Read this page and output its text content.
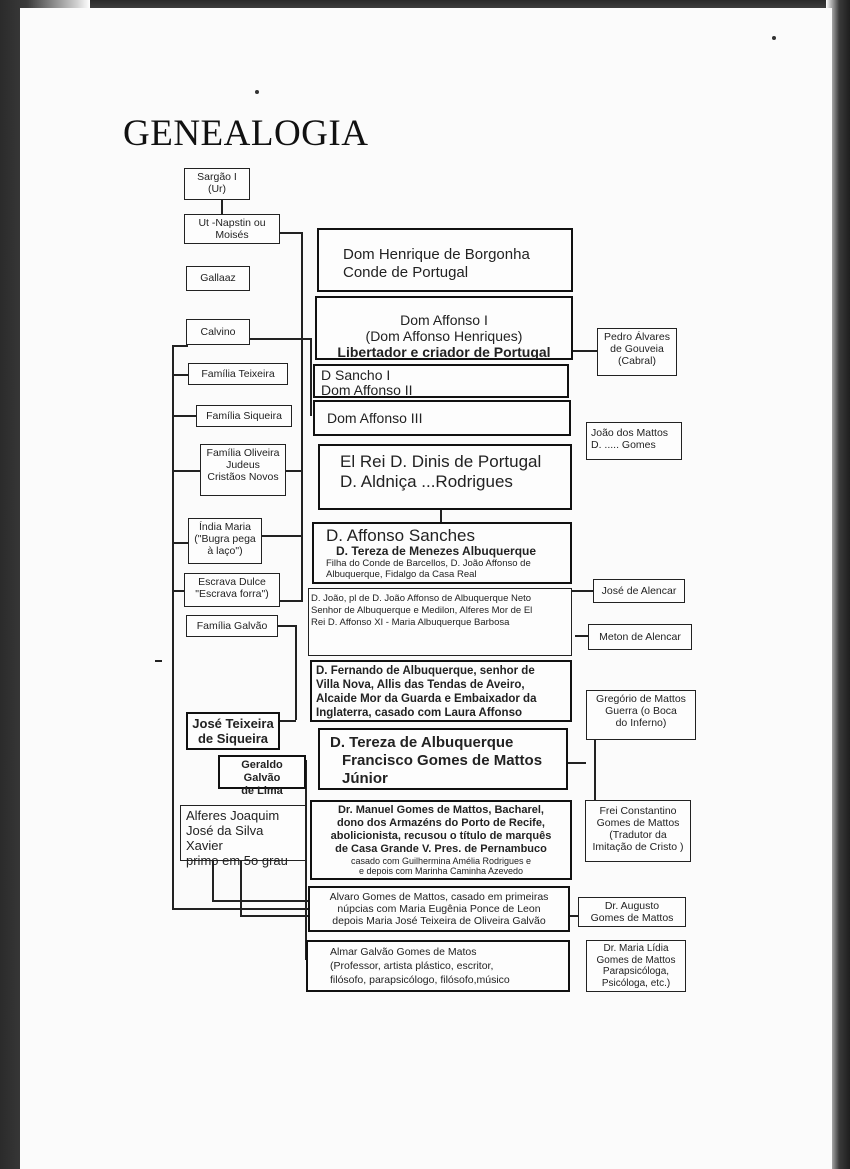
GENEALOGIA
Sargão I
(Ur)
Ut -Napstin ou
Moisés
Gallaaz
Calvino
Família Teixeira
Família Siqueira
Família Oliveira
Judeus
Cristãos Novos
Índia Maria
("Bugra pega
à laço")
Escrava Dulce
"Escrava forra")
Família Galvão
José Teixeira
de Siqueira
Geraldo Galvão
de Lima
Alferes Joaquim
José da Silva Xavier
primo em 5o grau
Dom Henrique de Borgonha
Conde de Portugal
Dom Affonso I
(Dom Affonso Henriques)
Libertador e criador de Portugal
D Sancho I
Dom Affonso II
Dom Affonso III
El Rei D. Dinis de Portugal
D. Aldniça ...Rodrigues
D. Affonso Sanches
D. Tereza de Menezes Albuquerque
Filha do Conde de Barcellos, D. João Affonso de
Albuquerque, Fidalgo da Casa Real
D. João, pl de D. João Affonso de Albuquerque Neto
Senhor de Albuquerque e Medilon, Alferes Mor de El
Rei D. Affonso XI - Maria Albuquerque Barbosa
D. Fernando de Albuquerque, senhor de
Villa Nova, Allis das Tendas de Aveiro,
Alcaide Mor da Guarda e Embaixador da
Inglaterra, casado com Laura Affonso
D. Tereza de Albuquerque
Francisco Gomes de Mattos
Júnior
Dr. Manuel Gomes de Mattos, Bacharel,
dono dos Armazéns do Porto de Recife,
abolicionista, recusou o título de marquês
de Casa Grande V. Pres. de Pernambuco
casado com Guilhermina Amélia Rodrigues e
e depois com Marinha Caminha Azevedo
Alvaro Gomes de Mattos, casado em primeiras
núpcias com Maria Eugênia Ponce de Leon
depois Maria José Teixeira de Oliveira Galvão
Almar Galvão Gomes de Matos
(Professor, artista plástico, escritor,
filósofo, parapsicólogo, filósofo,músico
Pedro Álvares
de Gouveia
(Cabral)
João dos Mattos
D. ..... Gomes
José de Alencar
Meton de Alencar
Gregório de Mattos
Guerra (o Boca
do Inferno)
Frei Constantino
Gomes de Mattos
(Tradutor da
Imitação de Cristo )
Dr. Augusto
Gomes de Mattos
Dr. Maria Lídia
Gomes de Mattos
Parapsicóloga,
Psicóloga, etc.)
